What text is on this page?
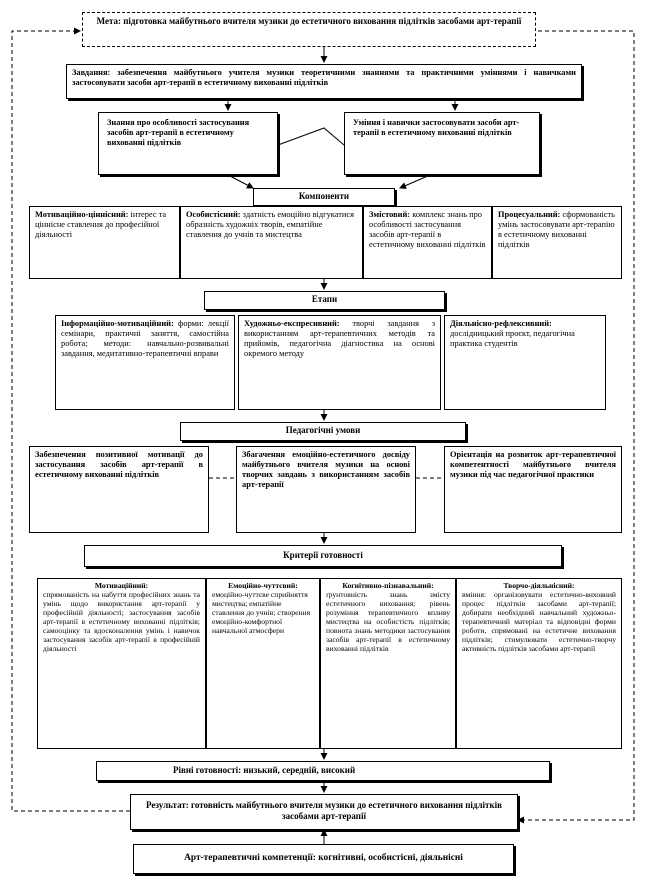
Мета: підготовка майбутнього вчителя музики до естетичного виховання підлітків засобами арт-терапії
Завдання: забезпечення майбутнього учителя музики теоретичними знаннями та практичними уміннями і навичками застосовувати засоби арт-терапії в естетичному вихованні підлітків
Знання про особливості застосування засобів арт-терапії в естетичному вихованні підлітків
Уміння і навички застосовувати засоби арт-терапії в естетичному вихованні підлітків
Компоненти
Мотиваційно-ціннісний: інтерес та ціннісне ставлення до професійної діяльності
Особистісний: здатність емоційно відгукатися образність художніх творів, емпатійне ставлення до учнів та мистецтва
Змістовий: комплекс знань про особливості застосування засобів арт-терапії в естетичному вихованні підлітків
Процесуальний: сформованість умінь застосовувати арт-терапію в естетичному вихованні підлітків
Етапи
Інформаційно-мотиваційний: форми: лекції семінари, практичні заняття, самостійна робота; методи: навчально-розвивальні завдання, медитативно-терапевтичні вправи
Художньо-експресивний: творчі завдання з використанням арт-терапевтичних методів та прийомів, педагогічна діагностика на основі окремого методу
Діяльнісно-рефлексивний: дослідницький проєкт, педагогічна практика студентів
Педагогічні умови
Забезпечення позитивної мотивації до застосування засобів арт-терапії в естетичному вихованні підлітків
Збагачення емоційно-естетичного досвіду майбутнього вчителя музики на основі творчих завдань з використанням засобів арт-терапії
Орієнтація на розвиток арт-терапевтичної компетентності майбутнього вчителя музики під час педагогічної практики
Критерії готовності
Мотиваційний:
спрямованість на набуття професійних знань та умінь щодо використання арт-терапії у професійній діяльності; застосування засобів арт-терапії в естетичному вихованні підлітків; самооцінку та вдосконалення умінь і навичок застосування засобів арт-терапії в професійній діяльності
Емоційно-чуттєвий:
емоційно-чуттєве сприйняття мистецтва; емпатійне ставлення до учнів; створення емоційно-комфортної навчальної атмосфери
Когнітивно-пізнавальний:
ґрунтовність знань змісту естетичного виховання; рівень розуміння терапевтичного впливу мистецтва на особистість підлітків; повнота знань методики застосування засобів арт-терапії в естетичному вихованні підлітків
Творчо-діяльнісний:
вміння: організовувати естетично-виховний процес підлітків засобами арт-терапії; добирати необхідний навчальний художньо-терапевтичний матеріал та відповідні форми роботи, спрямовані на естетичне виховання підлітків; стимулювати естетично-творчу активність підлітків засобами арт-терапії
Рівні готовності: низький, середній, високий
Результат: готовність майбутнього вчителя музики до естетичного виховання підлітків засобами арт-терапії
Арт-терапевтичні компетенції: когнітивні, особистісні, діяльнісні
